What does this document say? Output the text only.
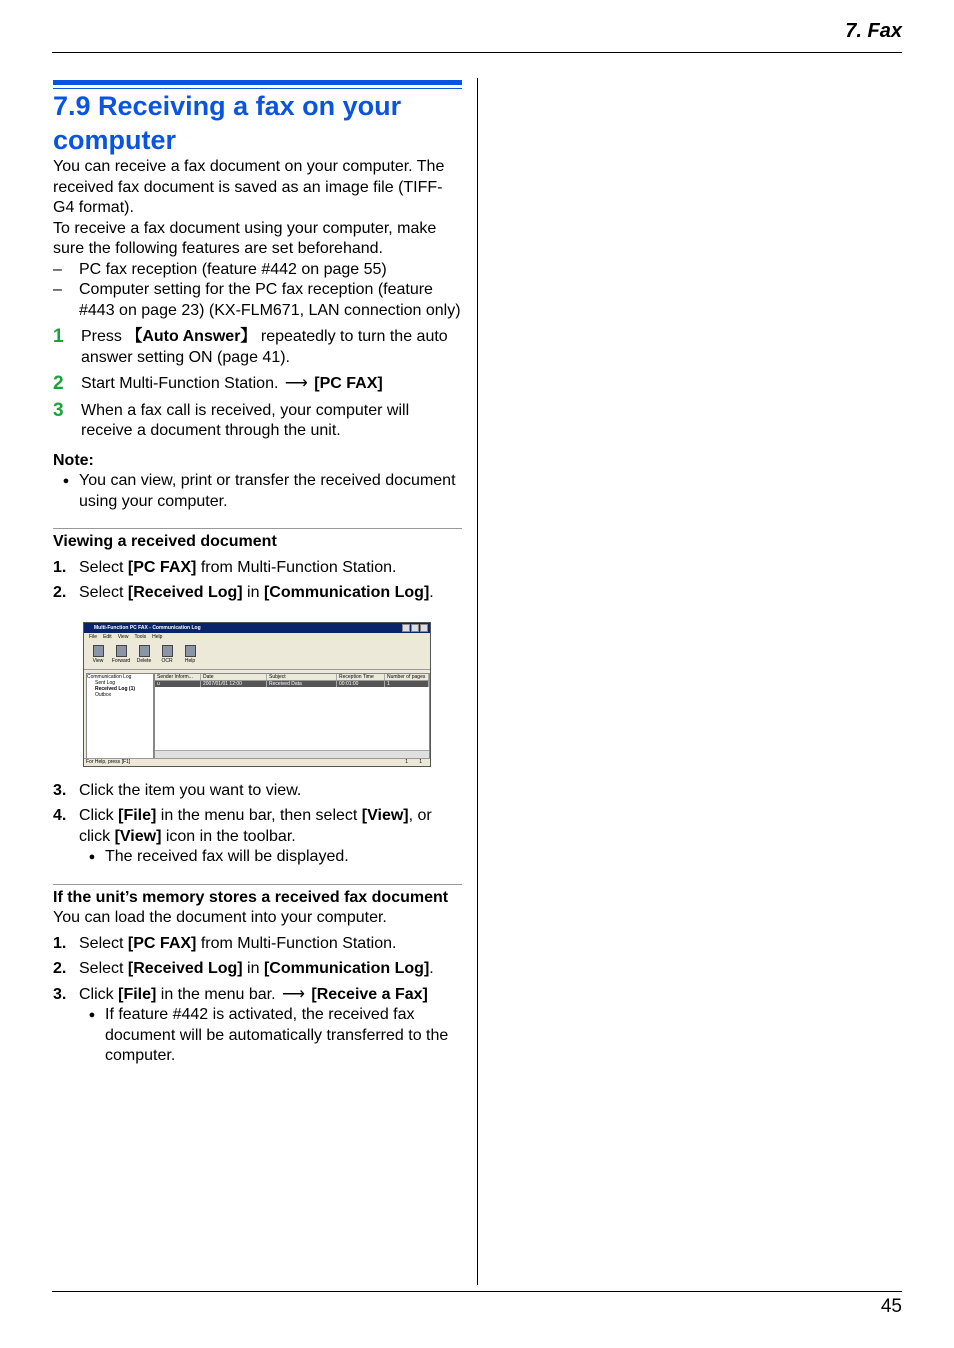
7. Fax
45
7.9 Receiving a fax on your
computer

You can receive a fax document on your computer. The received fax document is saved as an image file (TIFF-G4 format).

To receive a fax document using your computer, make sure the following features are set beforehand.

–	PC fax reception (feature #442 on page 55)
–	Computer setting for the PC fax reception (feature #443 on page 23) (KX-FLM671, LAN connection only)
1	Press 【Auto Answer】 repeatedly to turn the auto answer setting ON (page 41).
2	Start Multi-Function Station. ⟶ [PC FAX]
3	When a fax call is received, your computer will receive a document through the unit.
Note:
● You can view, print or transfer the received document using your computer.
Viewing a received document
1. Select [PC FAX] from Multi-Function Station.
2. Select [Received Log] in [Communication Log].
Multi-Function PC FAX - Communication Log
File Edit View Tools Help
View	Forward	Delete	OCR	Help
Communication Log
Sent Log
Received Log (1)
Outbox
Sender Inform...	Date	Subject	Reception Time	Number of pages
u	2007/01/01 12:00	Received Data	00:01:00	1
For Help, press [F1]	1 1
3. Click the item you want to view.
4. Click [File] in the menu bar, then select [View], or click [View] icon in the toolbar.
● The received fax will be displayed.
If the unit’s memory stores a received fax document

You can load the document into your computer.

1. Select [PC FAX] from Multi-Function Station.
2. Select [Received Log] in [Communication Log].
3. Click [File] in the menu bar. ⟶ [Receive a Fax]
● If feature #442 is activated, the received fax document will be automatically transferred to the computer.
